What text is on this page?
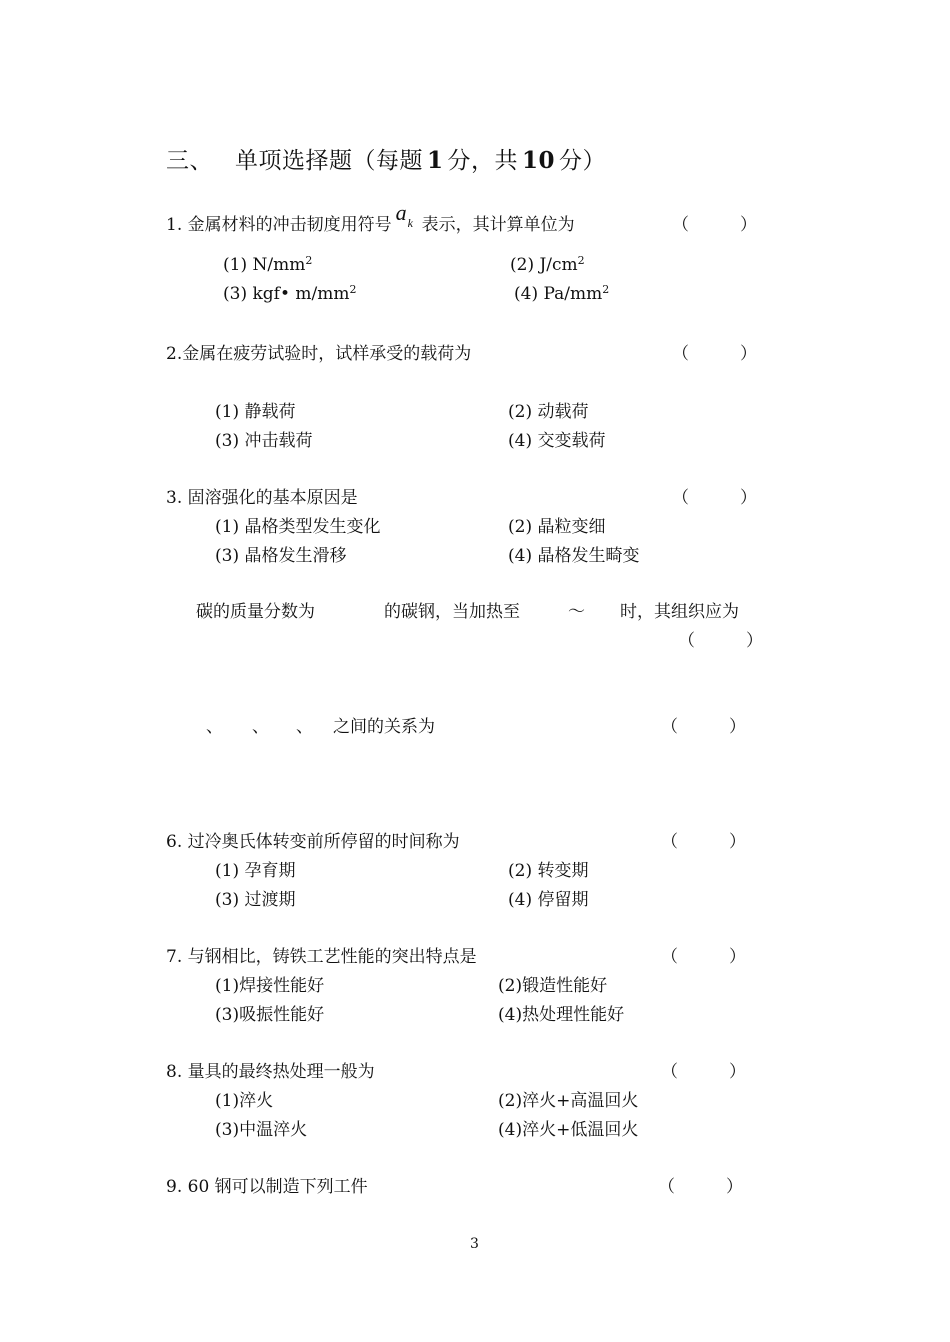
三、 单项选择题（每题 1 分，共 10 分）
1. 金属材料的冲击韧度用符号 a k 表示，其计算单位为	（　　　）
(1) $N/mm^2$	(2) $J/cm^2$
(3) kgf• $m/mm^2$	(4) $Pa/mm^2$
2.金属在疲劳试验时，试样承受的载荷为	（　　　）
(1) 静载荷	(2) 动载荷
(3) 冲击载荷	(4) 交变载荷
3. 固溶强化的基本原因是	（　　　）
(1) 晶格类型发生变化	(2) 晶粒变细
(3) 晶格发生滑移	(4) 晶格发生畸变
碳的质量分数为	的碳钢，当加热至	～ 时，其组织应为
（　　　）
、 、 、 之间的关系为	（　　　）
6. 过冷奥氏体转变前所停留的时间称为	（　　　）
(1) 孕育期	(2) 转变期
(3) 过渡期	(4) 停留期
7. 与钢相比，铸铁工艺性能的突出特点是	（　　　）
(1)焊接性能好	(2)锻造性能好
(3)吸振性能好	(4)热处理性能好
8. 量具的最终热处理一般为	（　　　）
(1)淬火	(2)淬火+高温回火
(3)中温淬火	(4)淬火+低温回火
9. 60 钢可以制造下列工件	（　　　）
3
